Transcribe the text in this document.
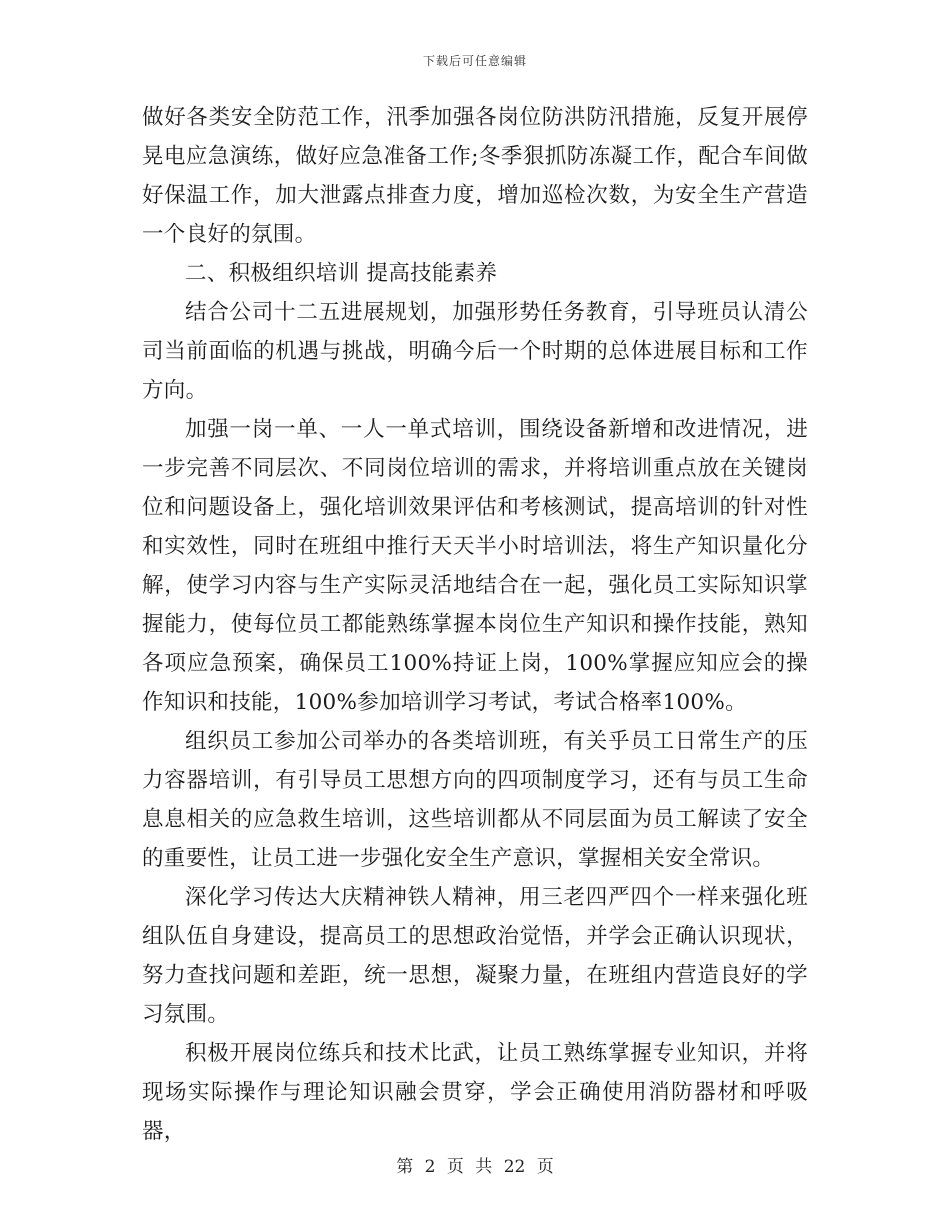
下载后可任意编辑

做好各类安全防范工作，汛季加强各岗位防洪防汛措施，反复开展停晃电应急演练，做好应急准备工作;冬季狠抓防冻凝工作，配合车间做好保温工作，加大泄露点排查力度，增加巡检次数，为安全生产营造一个良好的氛围。

二、积极组织培训 提高技能素养

结合公司十二五进展规划，加强形势任务教育，引导班员认清公司当前面临的机遇与挑战，明确今后一个时期的总体进展目标和工作方向。

加强一岗一单、一人一单式培训，围绕设备新增和改进情况，进一步完善不同层次、不同岗位培训的需求，并将培训重点放在关键岗位和问题设备上，强化培训效果评估和考核测试，提高培训的针对性和实效性，同时在班组中推行天天半小时培训法，将生产知识量化分解，使学习内容与生产实际灵活地结合在一起，强化员工实际知识掌握能力，使每位员工都能熟练掌握本岗位生产知识和操作技能，熟知各项应急预案，确保员工100%持证上岗，100%掌握应知应会的操作知识和技能，100%参加培训学习考试，考试合格率100%。

组织员工参加公司举办的各类培训班，有关乎员工日常生产的压力容器培训，有引导员工思想方向的四项制度学习，还有与员工生命息息相关的应急救生培训，这些培训都从不同层面为员工解读了安全的重要性，让员工进一步强化安全生产意识，掌握相关安全常识。

深化学习传达大庆精神铁人精神，用三老四严四个一样来强化班组队伍自身建设，提高员工的思想政治觉悟，并学会正确认识现状，努力查找问题和差距，统一思想，凝聚力量，在班组内营造良好的学习氛围。

积极开展岗位练兵和技术比武，让员工熟练掌握专业知识，并将现场实际操作与理论知识融会贯穿，学会正确使用消防器材和呼吸器，

第 2 页 共 22 页
